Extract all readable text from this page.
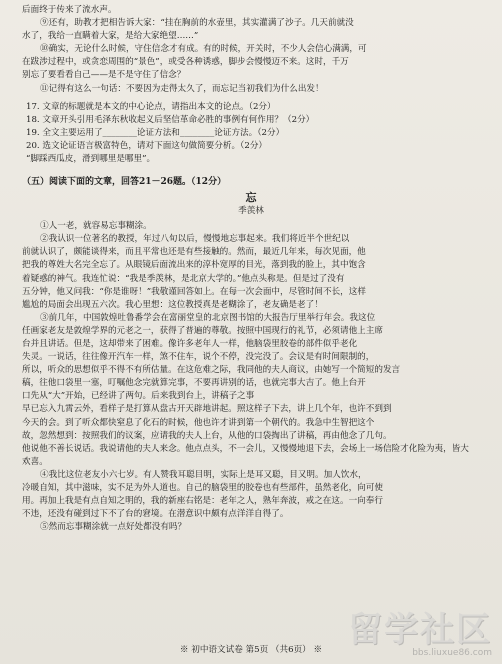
后面终于传来了流水声。

⑨还有，助教才把相告诉大家：“挂在胸前的水壶里，其实灌满了沙子。几天前就没

水了，我给一直瞒着大家，是给大家绝望……”

⑩确实，无论什么时候，守住信念才有成。有的时候，开关时，不少人会信心满满，可

在跋涉过程中，或贪恋周围的“景色”，或受各种诱惑，脚步会慢慢迈不来。这时，千万

别忘了要看看自己——是不是守住了信念？

⑪记得有这么一句话：不要因为走得太久了，而忘记当初我们为什么出发！

17. 文章的标题就是本文的中心论点，请指出本文的论点。（2分）

18. 文章开头引用毛泽东秋收起义后坚信革命必胜的事例有何作用？（2分）

19. 全文主要运用了________论证方法和________论证方法。（2分）

20. 选文论证语言极富特色，请对下面这句做简要分析。（2分）

“脚踩西瓜皮，滑到哪里是哪里”。

（五）阅读下面的文章，回答21－26题。（12分）

忘

季羡林

①人一老，就容易忘事糊涂。

②我认识一位著名的教授，年过八旬以后，慢慢地忘事起来。我们将近半个世纪以

前就认识了，颇能谈得来，而且平常也还是有些接触的。然而，最近几年来，每次见面，他

把我的尊姓大名完全忘了。从眼镜后面流出来的淳朴宽厚的目光，落到我的脸上，其中饱含

着疑惑的神气。我连忙说：“我是季羡林，是北京大学的。”他点头称是。但是过了没有

五分钟，他又问我：“你是谁呀！”我敬谨回答如上。在每一次会面中，尽管时间不长，这样

尴尬的局面会出现五六次。我心里想：这位教授真是老糊涂了，老友确是老了！

③前几年，中国敦煌吐鲁番学会在富丽堂皇的北京图书馆的大报告厅里举行年会。我这位

任画家老友是敦煌学界的元老之一，获得了普遍的尊敬。按照中国现行的礼节，必须请他上主席

台并且讲话。但是，这却带来了困难。像许多老年人一样，他脑袋里胶卷的部件似乎老化

失灵。一说话，往往像开汽车一样，煞不住车，说个不停，没完没了。会议是有时间限制的，

所以，听众的思想似乎不得不有所估量。在这危难之际，我同他的夫人商议，由她写一个简短的发言

稿，往他口袋里一塞，叮嘱他念完就算完事，不要再讲别的话，也就完事大吉了。他上台开

口先从“大”开始，已经讲了两句。后来我到台上，讲稿子之事

早已忘入九霄云外，看样子是打算从盘古开天辟地讲起。照这样子下去，讲上几个年，也许不到到

今天的会。到了听众都快窒息了化石的时候，他也许才讲到第一个朝代的。我急中生智把这个

故，忽然想到：按照我们的议案，应请我的夫人上台，从他的口袋掏出了讲稿，再由他念了几句。

他说他不善长说话。我说请他的夫人来念。他点点头，不一会儿，又慢慢地退下去，会场上一场信险才化险为夷，皆大

欢喜。

④我比这位老友小六七岁。有人赞我耳聪目明，实际上是耳又聪，目又明。加人饮水，

冷暖自知，其中滋味，实不足为外人道也。自己的脑袋里的胶卷也有些部件，虽然老化，向可使

用。再加上我是有点自知之明的，我的新座右铭是：老年之人，熟年奔波，戒之在这。一向奉行

不违，还没有碰到过下不了台的窘境。在潜意识中颇有点洋洋自得了。

⑤然而忘事糊涂就一点好处都没有吗？

※ 初中语文试卷 第5页 （共6页） ※ 留学社区
bbs.liuxue86.com
